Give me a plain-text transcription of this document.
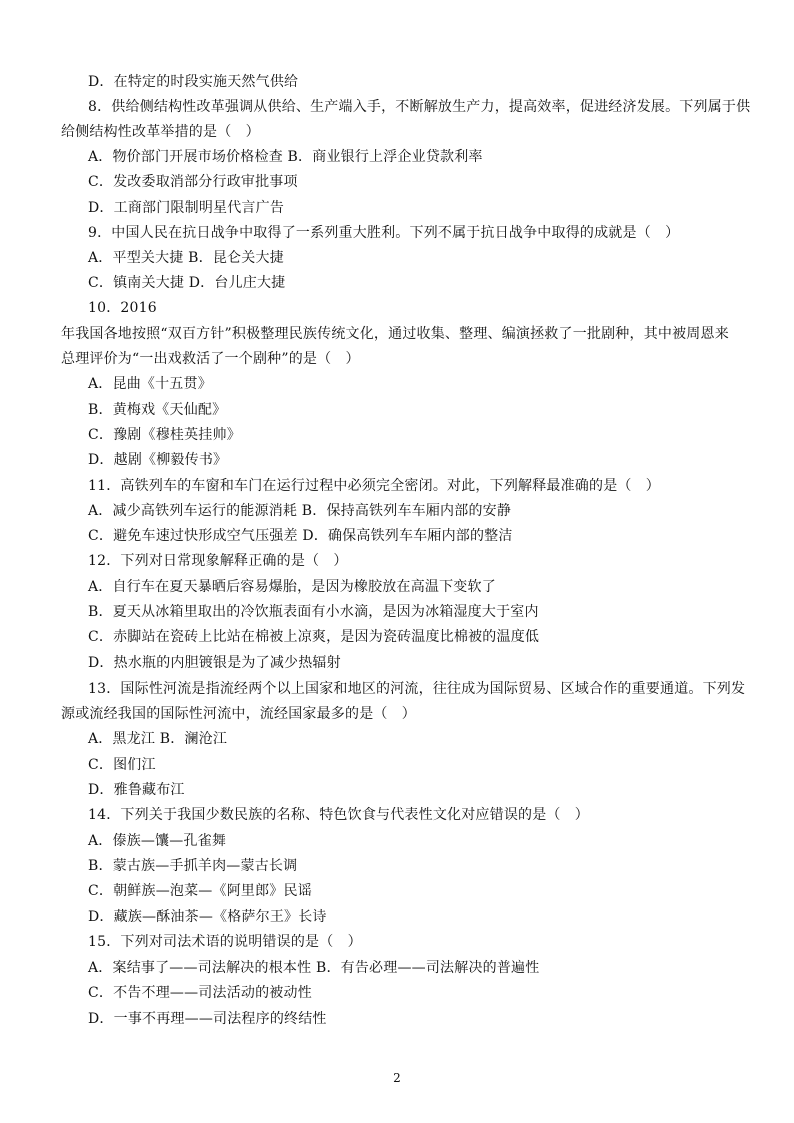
D．在特定的时段实施天然气供给
8．供给侧结构性改革强调从供给、生产端入手，不断解放生产力，提高效率，促进经济发展。下列属于供
给侧结构性改革举措的是（　）
A．物价部门开展市场价格检查 B．商业银行上浮企业贷款利率
C．发改委取消部分行政审批事项
D．工商部门限制明星代言广告
9．中国人民在抗日战争中取得了一系列重大胜利。下列不属于抗日战争中取得的成就是（　）
A．平型关大捷 B．昆仑关大捷
C．镇南关大捷 D．台儿庄大捷
10．2016
年我国各地按照“双百方针”积极整理民族传统文化，通过收集、整理、编演拯救了一批剧种，其中被周恩来
总理评价为“一出戏救活了一个剧种”的是（　）
A．昆曲《十五贯》
B．黄梅戏《天仙配》
C．豫剧《穆桂英挂帅》
D．越剧《柳毅传书》
11．高铁列车的车窗和车门在运行过程中必须完全密闭。对此，下列解释最准确的是（　）
A．减少高铁列车运行的能源消耗 B．保持高铁列车车厢内部的安静
C．避免车速过快形成空气压强差 D．确保高铁列车车厢内部的整洁
12．下列对日常现象解释正确的是（　）
A．自行车在夏天暴晒后容易爆胎，是因为橡胶放在高温下变软了
B．夏天从冰箱里取出的冷饮瓶表面有小水滴，是因为冰箱湿度大于室内
C．赤脚站在瓷砖上比站在棉被上凉爽，是因为瓷砖温度比棉被的温度低
D．热水瓶的内胆镀银是为了减少热辐射
13．国际性河流是指流经两个以上国家和地区的河流，往往成为国际贸易、区域合作的重要通道。下列发
源或流经我国的国际性河流中，流经国家最多的是（　）
A．黑龙江 B．澜沧江
C．图们江
D．雅鲁藏布江
14．下列关于我国少数民族的名称、特色饮食与代表性文化对应错误的是（　）
A．傣族—馕—孔雀舞
B．蒙古族—手抓羊肉—蒙古长调
C．朝鲜族—泡菜—《阿里郎》民谣
D．藏族—酥油茶—《格萨尔王》长诗
15．下列对司法术语的说明错误的是（　）
A．案结事了——司法解决的根本性 B．有告必理——司法解决的普遍性
C．不告不理——司法活动的被动性
D．一事不再理——司法程序的终结性
2
